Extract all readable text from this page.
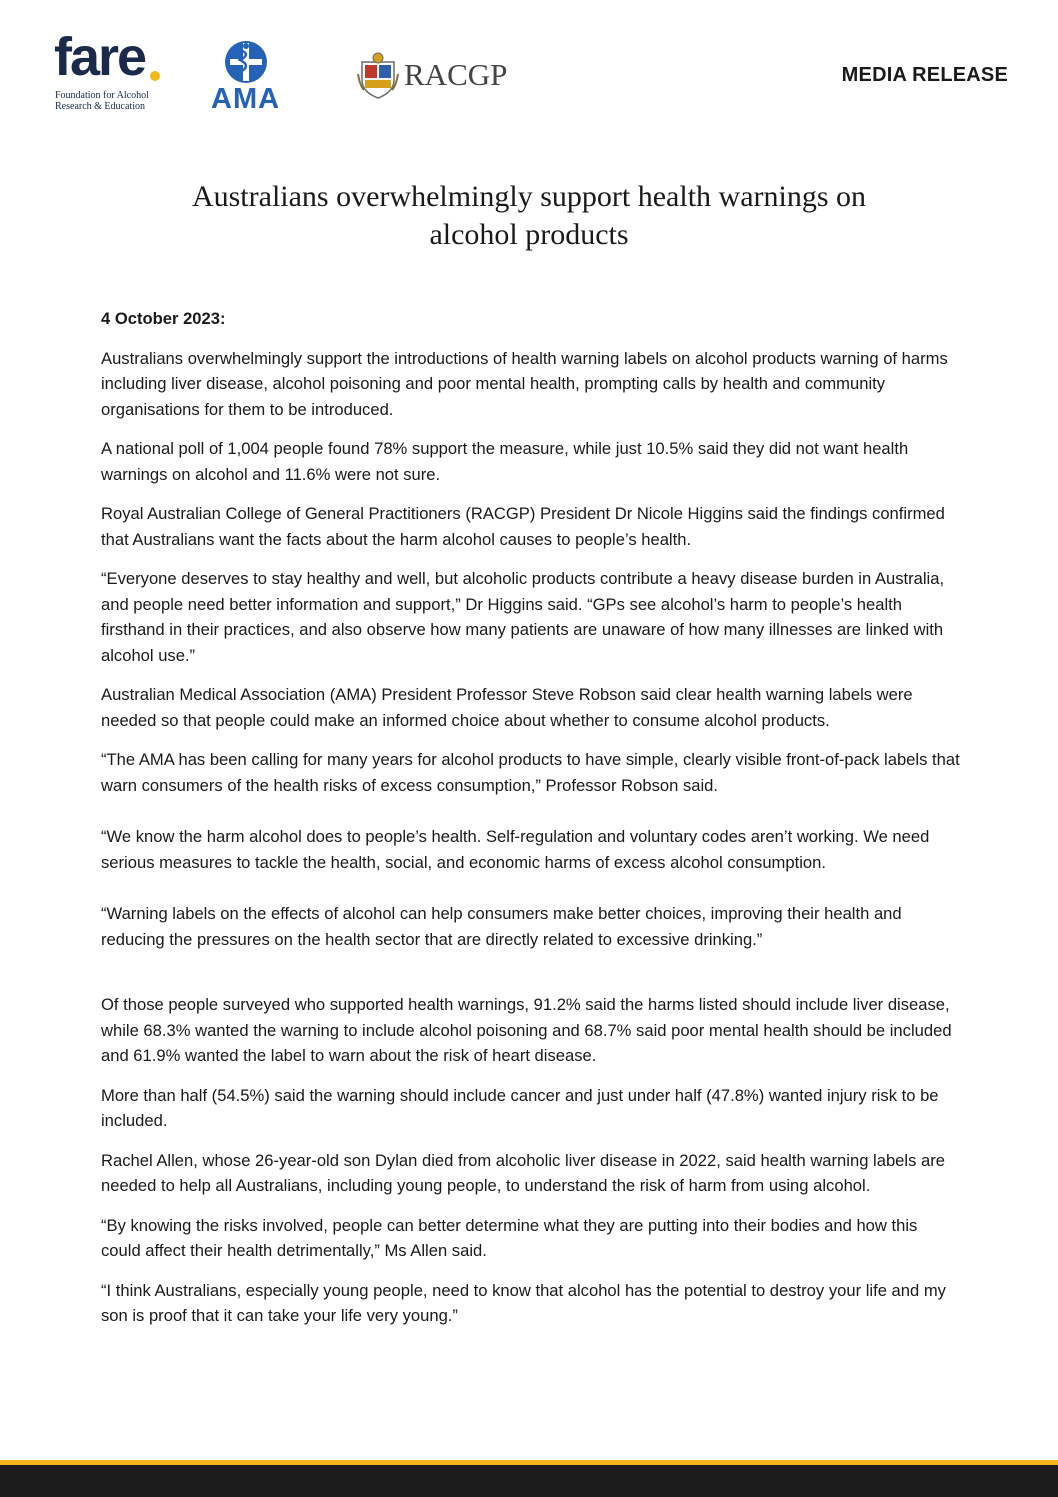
fare
Foundation for Alcohol
Research & Education	AMA
RACGP	MEDIA RELEASE
Australians overwhelmingly support health warnings on
alcohol products

4 October 2023:

Australians overwhelmingly support the introductions of health warning labels on alcohol products warning of harms including liver disease, alcohol poisoning and poor mental health, prompting calls by health and community organisations for them to be introduced.

A national poll of 1,004 people found 78% support the measure, while just 10.5% said they did not want health warnings on alcohol and 11.6% were not sure.

Royal Australian College of General Practitioners (RACGP) President Dr Nicole Higgins said the findings confirmed that Australians want the facts about the harm alcohol causes to people’s health.

“Everyone deserves to stay healthy and well, but alcoholic products contribute a heavy disease burden in Australia, and people need better information and support,” Dr Higgins said. “GPs see alcohol’s harm to people’s health firsthand in their practices, and also observe how many patients are unaware of how many illnesses are linked with alcohol use.”

Australian Medical Association (AMA) President Professor Steve Robson said clear health warning labels were needed so that people could make an informed choice about whether to consume alcohol products.

“The AMA has been calling for many years for alcohol products to have simple, clearly visible front-of-pack labels that warn consumers of the health risks of excess consumption,” Professor Robson said.

“We know the harm alcohol does to people’s health. Self-regulation and voluntary codes aren’t working. We need serious measures to tackle the health, social, and economic harms of excess alcohol consumption.

“Warning labels on the effects of alcohol can help consumers make better choices, improving their health and reducing the pressures on the health sector that are directly related to excessive drinking.”

Of those people surveyed who supported health warnings, 91.2% said the harms listed should include liver disease, while 68.3% wanted the warning to include alcohol poisoning and 68.7% said poor mental health should be included and 61.9% wanted the label to warn about the risk of heart disease.

More than half (54.5%) said the warning should include cancer and just under half (47.8%) wanted injury risk to be included.

Rachel Allen, whose 26-year-old son Dylan died from alcoholic liver disease in 2022, said health warning labels are needed to help all Australians, including young people, to understand the risk of harm from using alcohol.

“By knowing the risks involved, people can better determine what they are putting into their bodies and how this could affect their health detrimentally,” Ms Allen said.

“I think Australians, especially young people, need to know that alcohol has the potential to destroy your life and my son is proof that it can take your life very young.”
